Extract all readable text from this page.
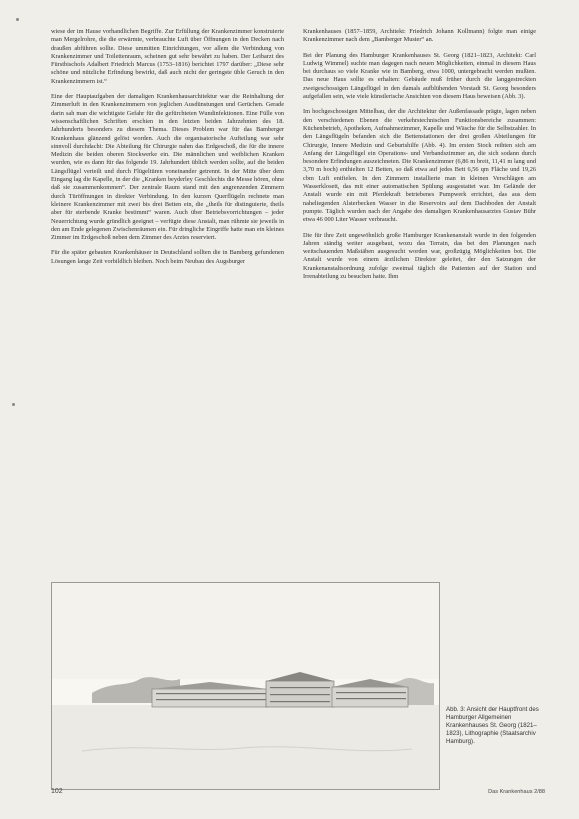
wiese der im Hause vorhandlichen Begriffe. Zur Erfüllung der Krankenzimmer konstruierte man Mergelrohre, die die erwärmte, verbrauchte Luft über Öffnungen in den Decken nach draußen abführen sollte. Diese ummitten Einrichtungen, vor allem die Verbindung von Krankenzimmer und Toilettenraum, scheinen gut sehr bewährt zu haben. Der Leibarzt des Fürstbischofs Adalbert Friedrich Marcus (1753–1816) berichtet 1797 darüber: „Diese sehr schöne und nützliche Erfindung bewirkt, daß auch nicht der geringste üble Geruch in den Krankenzimmern ist.“

Eine der Hauptaufgaben der damaligen Krankenhausarchitektur war die Reinhaltung der Zimmerluft in den Krankenzimmern von jeglichen Ausdünstungen und Gerüchen. Gerade darin sah man die wichtigste Gefahr für die gefürchteten Wundinfektionen. Eine Fülle von wissenschaftlichen Schriften erschien in den letzten beiden Jahrzehnten des 18. Jahrhunderts besonders zu diesem Thema. Dieses Problem war für das Bamberger Krankenhaus glänzend gelöst worden. Auch die organisatorische Aufteilung war sehr sinnvoll durchdacht: Die Abteilung für Chirurgie nahm das Erdgeschoß, die für die innere Medizin die beiden oberen Stockwerke ein. Die männlichen und weiblichen Kranken wurden, wie es dann für das folgende 19. Jahrhundert üblich werden sollte, auf die beiden Längsflügel verteilt und durch Flügeltüren voneinander getrennt. In der Mitte über dem Eingang lag die Kapelle, in der die „Kranken beyderley Geschlechts die Messe hören, ohne daß sie zusammenkommen“. Der zentrale Raum stand mit den angrenzenden Zimmern durch Türöffnungen in direkter Verbindung. In den kurzen Querflügeln rechnete man kleinere Krankenzimmer mit zwei bis drei Betten ein, die „theils für distinguierte, theils aber für sterbende Kranke bestimmt“ waren. Auch über Betriebsvorrichtungen – jeder Neuerrichtung wurde gründlich geeignet – verfügte diese Anstalt, man rühmte sie jeweils in den am Ende gelegenen Zwischenräumen ein. Für dringliche Eingriffe hatte man ein kleines Zimmer im Erdgeschoß neben dem Zimmer des Arztes reserviert.

Für die später gebauten Krankenhäuser in Deutschland sollten die in Bamberg gefundenen Lösungen lange Zeit vorbildlich bleiben. Noch beim Neubau des Augsburger

Krankenhauses (1857–1859, Architekt: Friedrich Johann Kollmann) folgte man einige Krankenzimmer nach dem „Bamberger Muster“ an.

Bei der Planung des Hamburger Krankenhauses St. Georg (1821–1823, Architekt: Carl Ludwig Wimmel) suchte man dagegen nach neuen Möglichkeiten, einmal in diesem Haus bei durchaus so viele Kranke wie in Bamberg, etwa 1000, untergebracht werden mußten. Das neue Haus sollte es erhalten: Gebäude muß früher durch die langgestreckten zweigeschossigen Längsflügel in den damals aufblühenden Vorstadt St. Georg besonders aufgefallen sein, wie viele künstlerische Ansichten von diesem Haus beweisen (Abb. 3).

Im hochgeschossigen Mittelbau, der die Architektur der Außenfassade prägte, lagen neben den verschiedenen Ebenen die verkehrstechnischen Funktionsbereiche zusammen: Küchenbetrieb, Apotheken, Aufnahmezimmer, Kapelle und Wäsche für die Selbstzahler. In den Längsflügeln befanden sich die Bettenstationen der drei großen Abteilungen für Chirurgie, Innere Medizin und Geburtshilfe (Abb. 4). Im ersten Stock reihten sich am Anfang der Längsflügel ein Operations- und Verbandszimmer an, die sich sodann durch besondere Erfindungen auszeichneten. Die Krankenzimmer (6,86 m breit, 11,41 m lang und 3,70 m hoch) enthielten 12 Betten, so daß etwa auf jedes Bett 6,56 qm Fläche und 19,26 cbm Luft entfielen. In den Zimmern installierte man in kleinen Verschlägen am Wasserklosett, das mit einer automatischen Spülung ausgestattet war. Im Gelände der Anstalt wurde ein mit Pferdekraft betriebenes Pumpwerk errichtet, das aus dem naheliegenden Alsterbecken Wasser in die Reservoirs auf dem Dachboden der Anstalt pumpte. Täglich wurden nach der Angabe des damaligen Krankenhausarztes Gustav Bühr etwa 46 000 Liter Wasser verbraucht.

Die für ihre Zeit ungewöhnlich große Hamburger Krankenanstalt wurde in den folgenden Jahren ständig weiter ausgebaut, wozu das Terrain, das bei den Planungen nach weitschauenden Maßstäben ausgesucht worden war, großzügig Möglichkeiten bot. Die Anstalt wurde von einem ärztlichen Direktor geleitet, der den Satzungen der Krankenanstaltsordnung zufolge zweimal täglich die Patienten auf der Station und Irrenabteilung zu besuchen hatte. Ihm

Abb. 3: Ansicht der Hauptfront des Hamburger Allgemeinen Krankenhauses St. Georg (1821–1823), Lithographie (Staatsarchiv Hamburg).
102	Das Krankenhaus 2/88
